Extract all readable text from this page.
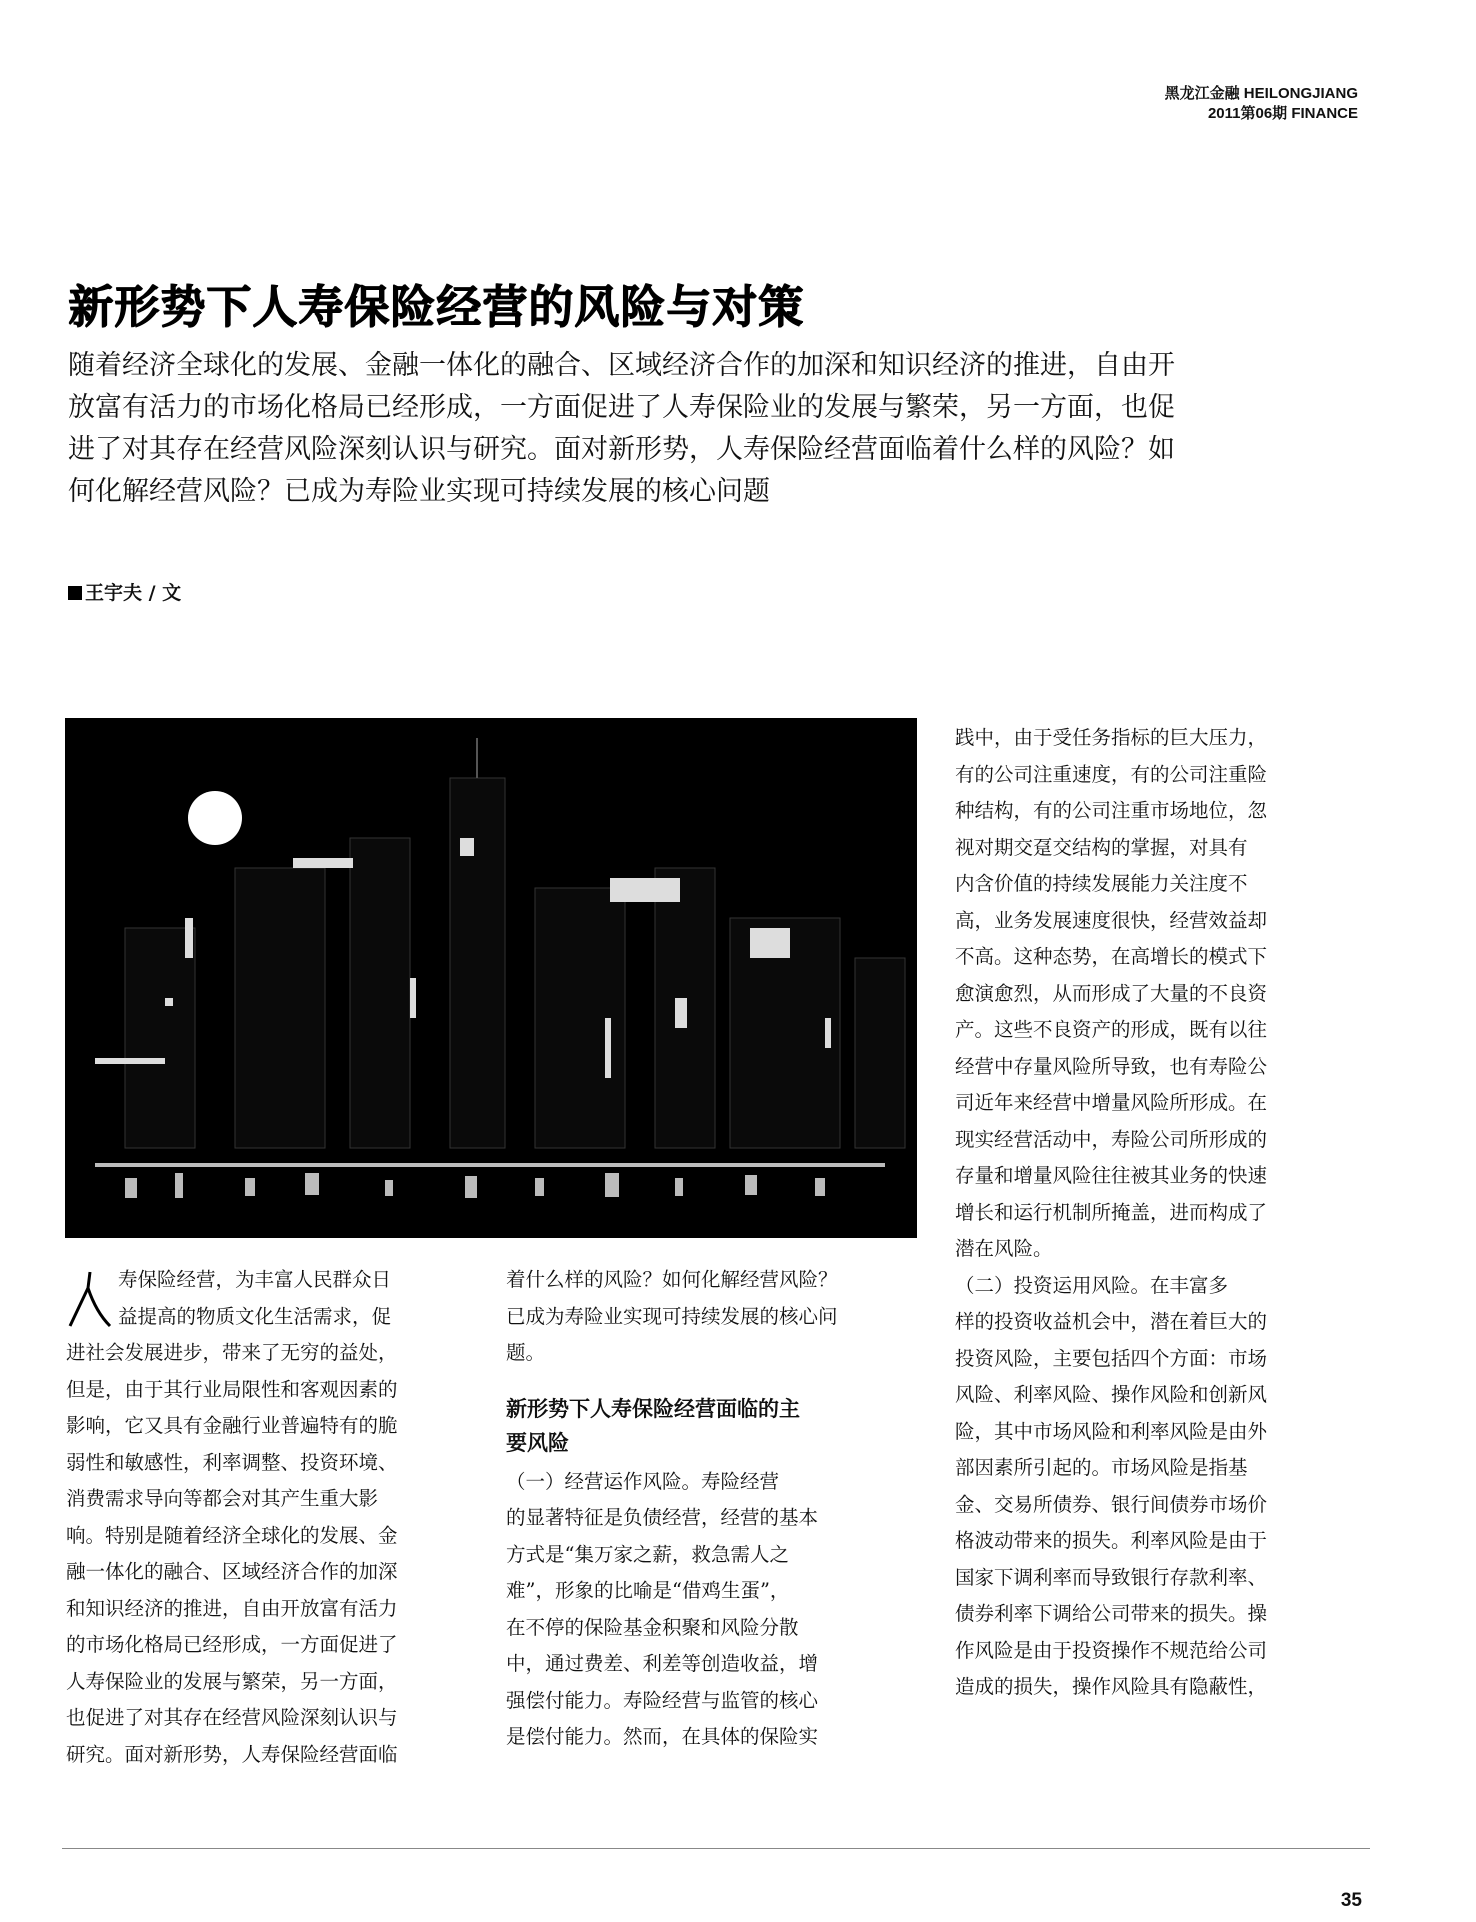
黑龙江金融 HEILONGJIANG
2011第06期 FINANCE
新形势下人寿保险经营的风险与对策
随着经济全球化的发展、金融一体化的融合、区域经济合作的加深和知识经济的推进，自由开
放富有活力的市场化格局已经形成，一方面促进了人寿保险业的发展与繁荣，另一方面，也促
进了对其存在经营风险深刻认识与研究。面对新形势，人寿保险经营面临着什么样的风险？如
何化解经营风险？已成为寿险业实现可持续发展的核心问题
王宇夫 / 文
寿保险经营，为丰富人民群众日
益提高的物质文化生活需求，促
进社会发展进步，带来了无穷的益处，
但是，由于其行业局限性和客观因素的
影响，它又具有金融行业普遍特有的脆
弱性和敏感性，利率调整、投资环境、
消费需求导向等都会对其产生重大影
响。特别是随着经济全球化的发展、金
融一体化的融合、区域经济合作的加深
和知识经济的推进，自由开放富有活力
的市场化格局已经形成，一方面促进了
人寿保险业的发展与繁荣，另一方面，
也促进了对其存在经营风险深刻认识与
研究。面对新形势，人寿保险经营面临
着什么样的风险？如何化解经营风险？
已成为寿险业实现可持续发展的核心问
题。
新形势下人寿保险经营面临的主
要风险
（一）经营运作风险。寿险经营
的显著特征是负债经营，经营的基本
方式是“集万家之薪，救急需人之
难”，形象的比喻是“借鸡生蛋”，
在不停的保险基金积聚和风险分散
中，通过费差、利差等创造收益，增
强偿付能力。寿险经营与监管的核心
是偿付能力。然而，在具体的保险实
践中，由于受任务指标的巨大压力，
有的公司注重速度，有的公司注重险
种结构，有的公司注重市场地位，忽
视对期交趸交结构的掌握，对具有
内含价值的持续发展能力关注度不
高，业务发展速度很快，经营效益却
不高。这种态势，在高增长的模式下
愈演愈烈，从而形成了大量的不良资
产。这些不良资产的形成，既有以往
经营中存量风险所导致，也有寿险公
司近年来经营中增量风险所形成。在
现实经营活动中，寿险公司所形成的
存量和增量风险往往被其业务的快速
增长和运行机制所掩盖，进而构成了
潜在风险。
（二）投资运用风险。在丰富多
样的投资收益机会中，潜在着巨大的
投资风险，主要包括四个方面：市场
风险、利率风险、操作风险和创新风
险，其中市场风险和利率风险是由外
部因素所引起的。市场风险是指基
金、交易所债券、银行间债券市场价
格波动带来的损失。利率风险是由于
国家下调利率而导致银行存款利率、
债券利率下调给公司带来的损失。操
作风险是由于投资操作不规范给公司
造成的损失，操作风险具有隐蔽性，
35
